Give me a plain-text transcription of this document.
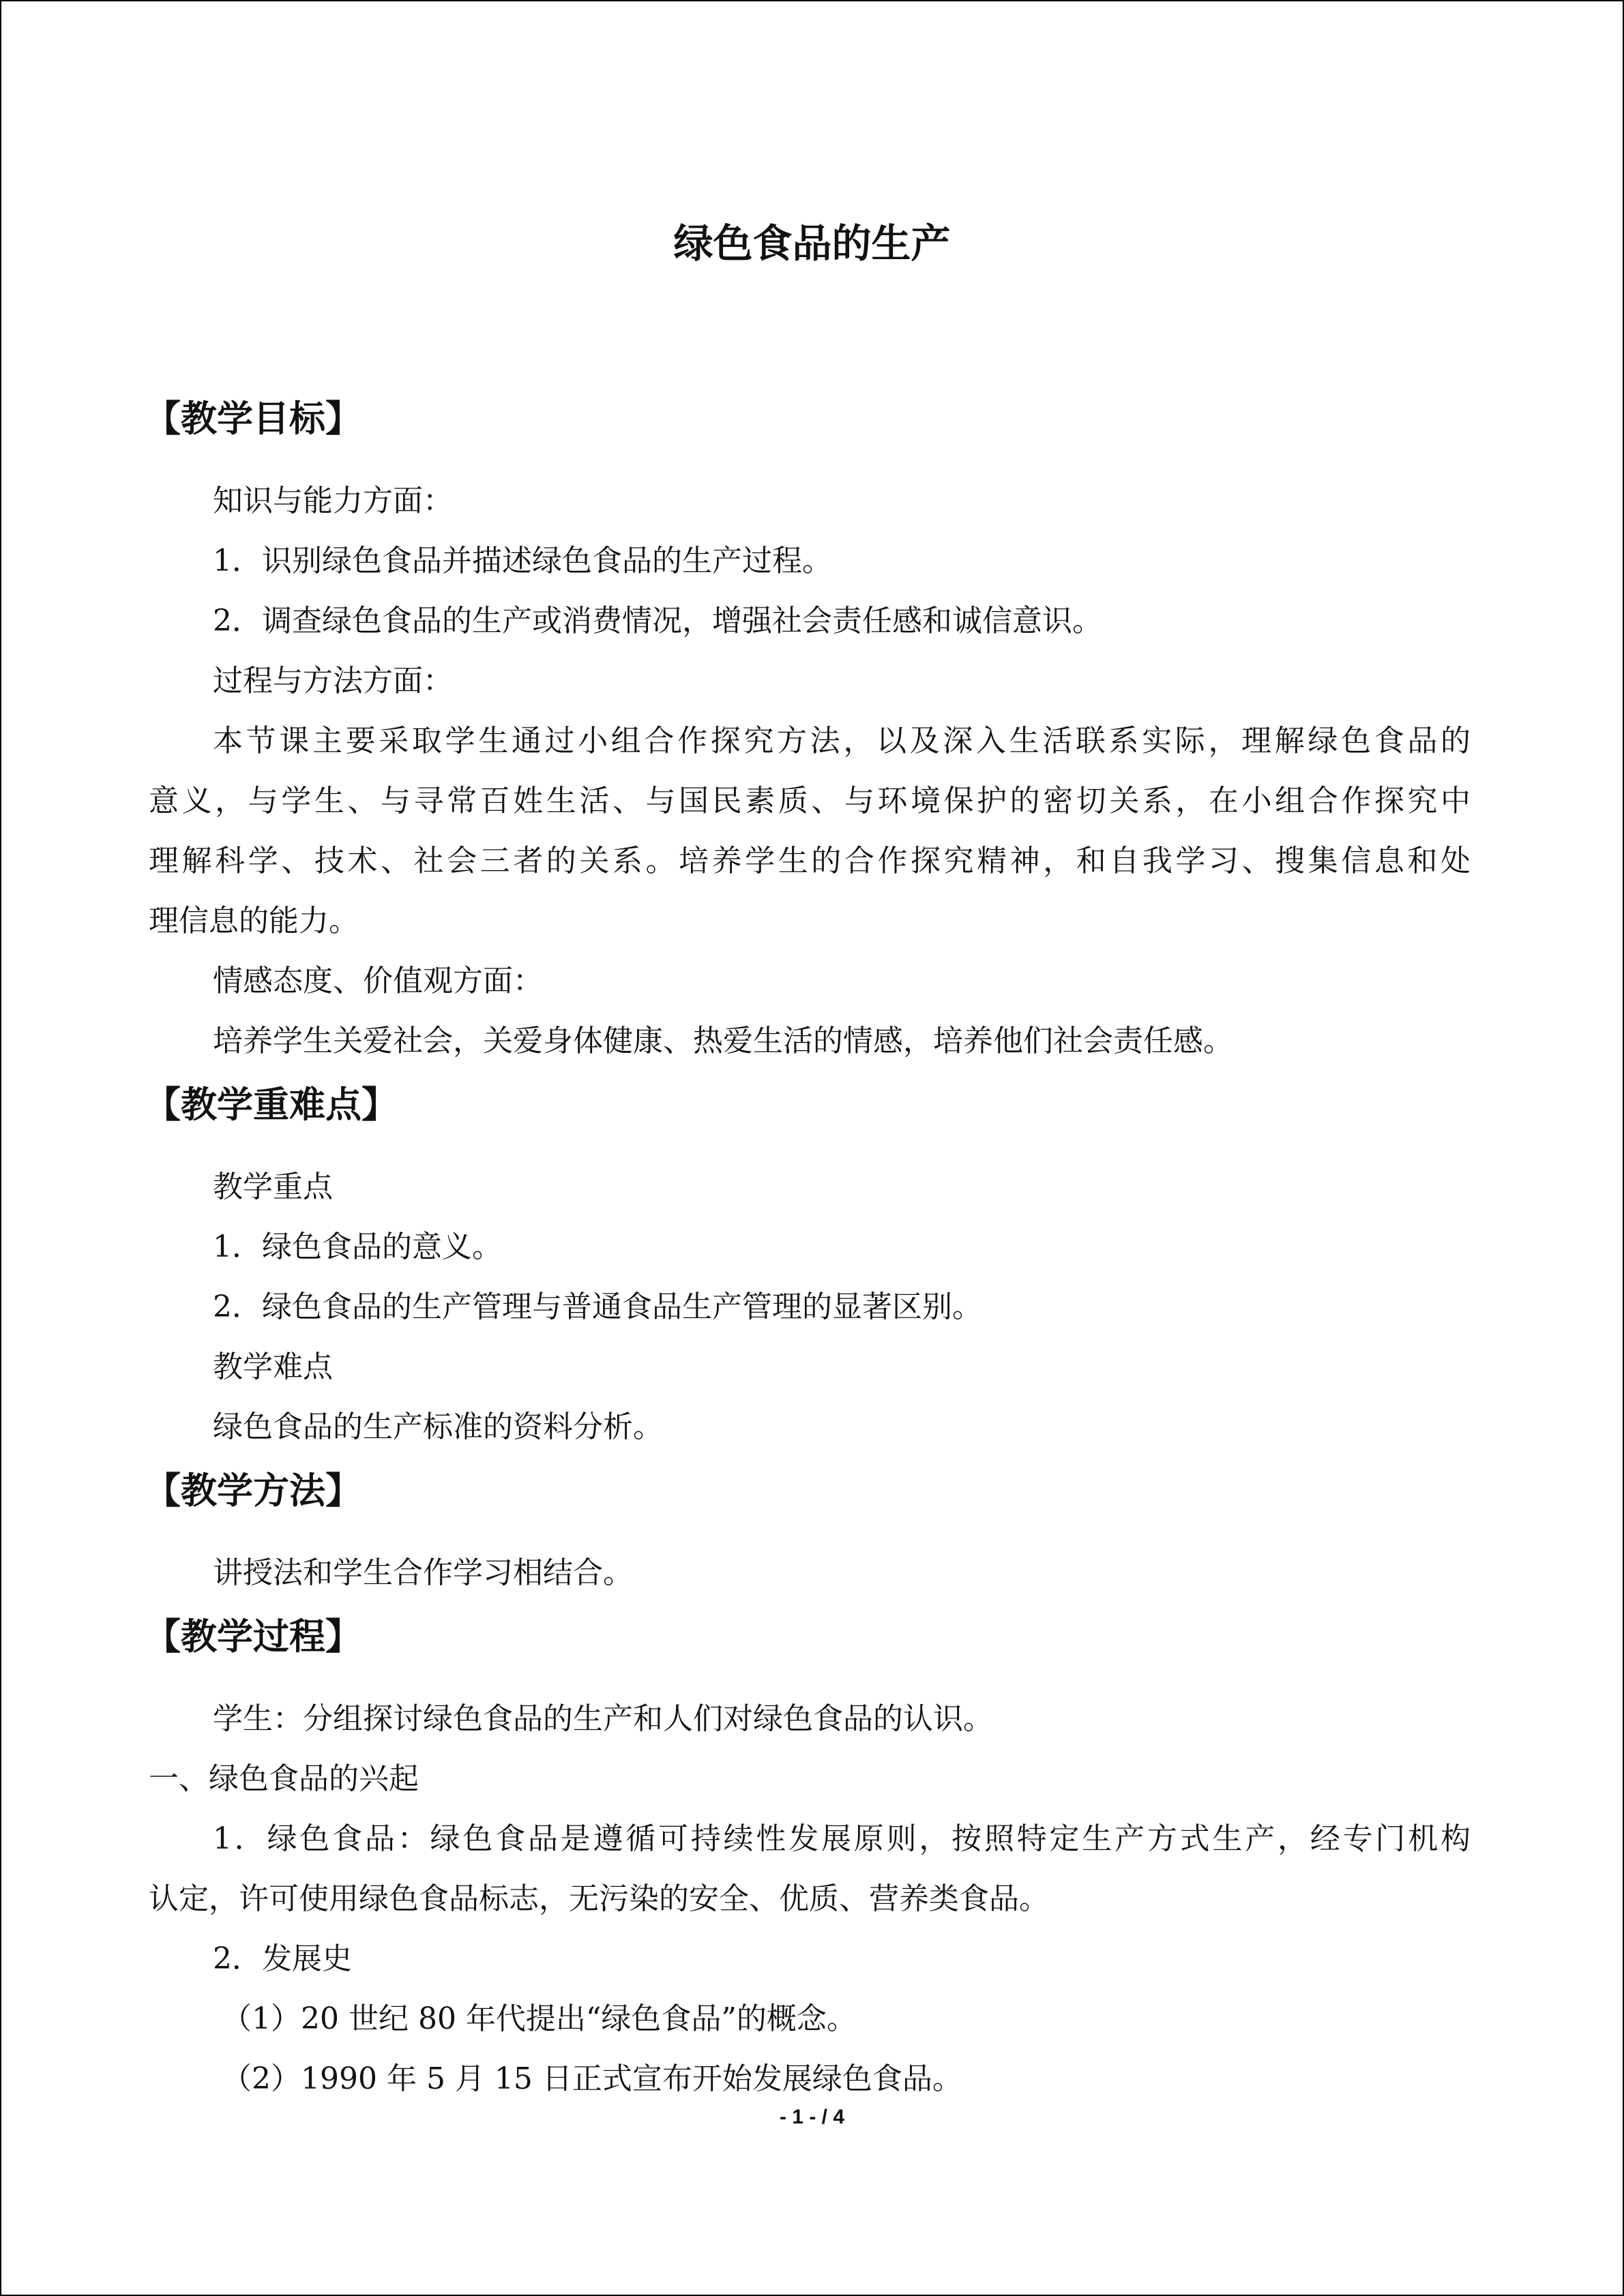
绿色食品的生产
【教学目标】
知识与能力方面：
1．识别绿色食品并描述绿色食品的生产过程。
2．调查绿色食品的生产或消费情况，增强社会责任感和诚信意识。
过程与方法方面：
本节课主要采取学生通过小组合作探究方法，以及深入生活联系实际，理解绿色食品的
意义，与学生、与寻常百姓生活、与国民素质、与环境保护的密切关系，在小组合作探究中
理解科学、技术、社会三者的关系。培养学生的合作探究精神，和自我学习、搜集信息和处
理信息的能力。
情感态度、价值观方面：
培养学生关爱社会，关爱身体健康、热爱生活的情感，培养他们社会责任感。
【教学重难点】
教学重点
1．绿色食品的意义。
2．绿色食品的生产管理与普通食品生产管理的显著区别。
教学难点
绿色食品的生产标准的资料分析。
【教学方法】
讲授法和学生合作学习相结合。
【教学过程】
学生：分组探讨绿色食品的生产和人们对绿色食品的认识。
一、绿色食品的兴起
1．绿色食品：绿色食品是遵循可持续性发展原则，按照特定生产方式生产，经专门机构
认定，许可使用绿色食品标志，无污染的安全、优质、营养类食品。
2．发展史
（1）20 世纪 80 年代提出“绿色食品”的概念。
（2）1990 年 5 月 15 日正式宣布开始发展绿色食品。
- 1 - / 4
